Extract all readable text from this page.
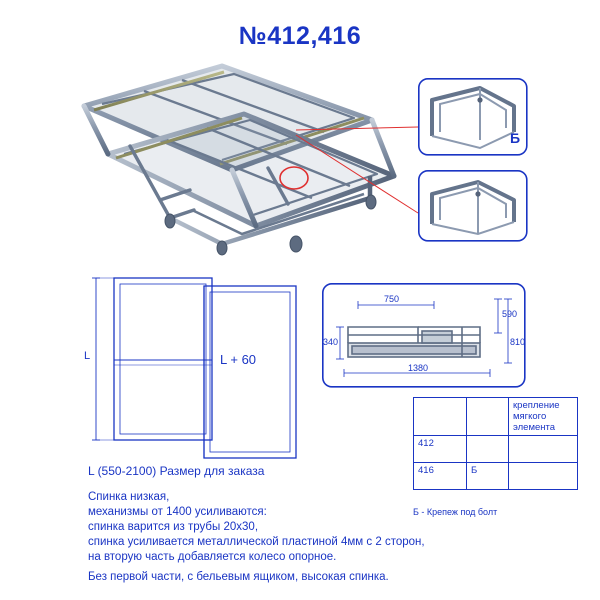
№412,416
Б
L	L + 60
L (550-2100) Размер для заказа
750
1380
340
590
810
		крепление мягкого элемента
412		
416	Б	
Б - Крепеж под болт
Спинка низкая,
механизмы от 1400 усиливаются:
спинка варится из трубы 20х30,
спинка усиливается металлической пластиной 4мм с 2 сторон,
на вторую часть добавляется колесо опорное.
Без первой части, с бельевым ящиком, высокая спинка.
